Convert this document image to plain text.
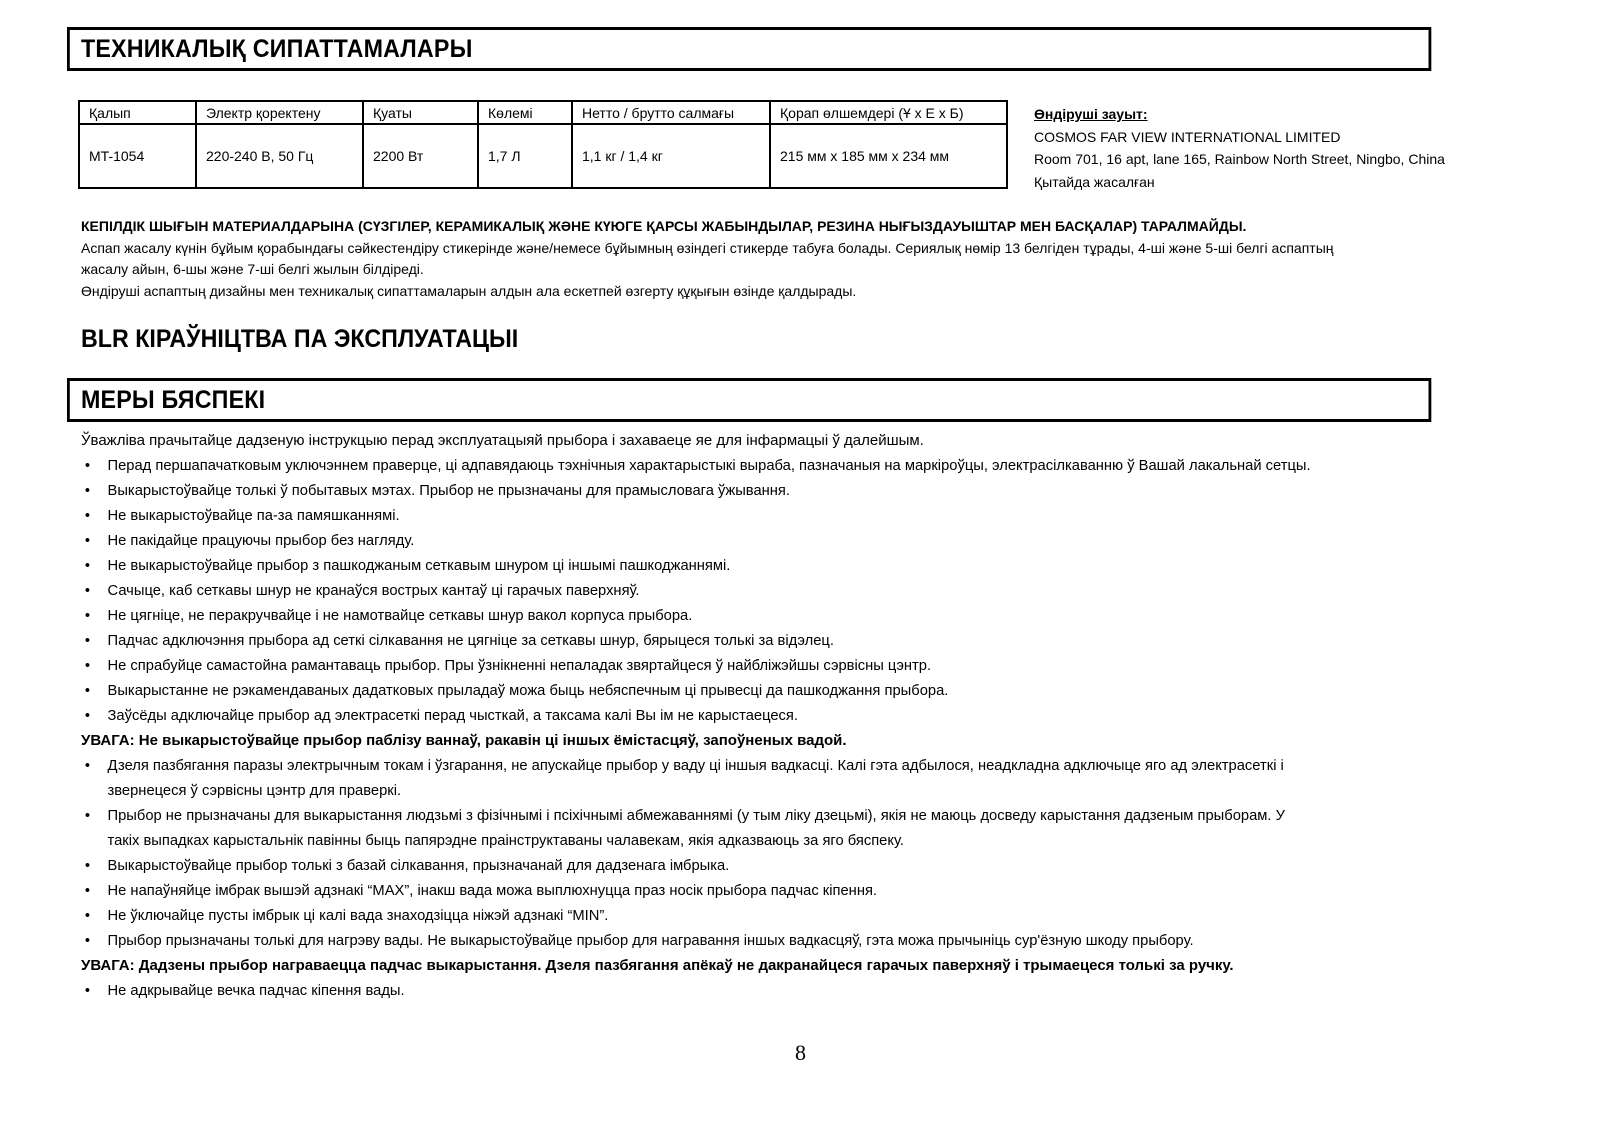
ТЕХНИКАЛЫҚ СИПАТТАМАЛАРЫ
Қалып	Электр қоректену	Қуаты	Көлемі	Нетто / брутто салмағы	Қорап өлшемдері (Ұ х Е х Б)
MT-1054	220-240 В, 50 Гц	2200 Вт	1,7 Л	1,1 кг / 1,4 кг	215 мм х 185 мм х 234 мм
Өндіруші зауыт:
COSMOS FAR VIEW INTERNATIONAL LIMITED
Room 701, 16 apt, lane 165, Rainbow North Street, Ningbo, China
Қытайда жасалған
КЕПІЛДІК ШЫҒЫН МАТЕРИАЛДАРЫНА (СҮЗГІЛЕР, КЕРАМИКАЛЫҚ ЖӘНЕ КҮЮГЕ ҚАРСЫ ЖАБЫНДЫЛАР, РЕЗИНА НЫҒЫЗДАУЫШТАР МЕН БАСҚАЛАР) ТАРАЛМАЙДЫ.
Аспап жасалу күнін бұйым қорабындағы сәйкестендіру стикерінде және/немесе бұйымның өзіндегі стикерде табуға болады. Сериялық нөмір 13 белгіден тұрады, 4-ші және 5-ші белгі аспаптың
жасалу айын, 6-шы және 7-ші белгі жылын білдіреді.
Өндіруші аспаптың дизайны мен техникалық сипаттамаларын алдын ала ескетпей өзгерту құқығын өзінде қалдырады.
BLR КІРАЎНІЦТВА ПА ЭКСПЛУАТАЦЫІ
МЕРЫ БЯСПЕКІ
Ўважліва прачытайце дадзеную інструкцыю перад эксплуатацыяй прыбора і захаваеце яе для інфармацыі ў далейшым.
• Перад першапачатковым уключэннем праверце, ці адпавядаюць тэхнічныя характарыстыкі выраба, пазначаныя на маркіроўцы, электрасілкаванню ў Вашай лакальнай сетцы.
• Выкарыстоўвайце толькі ў побытавых мэтах. Прыбор не прызначаны для прамысловага ўжывання.
• Не выкарыстоўвайце па-за памяшканнямі.
• Не пакідайце працуючы прыбор без нагляду.
• Не выкарыстоўвайце прыбор з пашкоджаным сеткавым шнуром ці іншымі пашкоджаннямі.
• Сачыце, каб сеткавы шнур не кранаўся вострых кантаў ці гарачых паверхняў.
• Не цягніце, не перакручвайце і не намотвайце сеткавы шнур вакол корпуса прыбора.
• Падчас адключэння прыбора ад сеткі сілкавання не цягніце за сеткавы шнур, бярыцеся толькі за відэлец.
• Не спрабуйце самастойна рамантаваць прыбор. Пры ўзнікненні непаладак звяртайцеся ў найбліжэйшы сэрвісны цэнтр.
• Выкарыстанне не рэкамендаваных дадатковых прыладаў можа быць небяспечным ці прывесці да пашкоджання прыбора.
• Заўсёды адключайце прыбор ад электрасеткі перад чысткай, а таксама калі Вы ім не карыстаецеся.
УВАГА: Не выкарыстоўвайце прыбор паблізу ваннаў, ракавін ці іншых ёмістасцяў, запоўненых вадой.
• Дзеля пазбягання паразы электрычным токам і ўзгарання, не апускайце прыбор у ваду ці іншыя вадкасці. Калі гэта адбылося, неадкладна адключыце яго ад электрасеткі і
звернецеся ў сэрвісны цэнтр для праверкі.
• Прыбор не прызначаны для выкарыстання людзьмі з фізічнымі і псіхічнымі абмежаваннямі (у тым ліку дзецьмі), якія не маюць досведу карыстання дадзеным прыборам. У
такіх выпадках карыстальнік павінны быць папярэдне праінструктаваны чалавекам, якія адказваюць за яго бяспеку.
• Выкарыстоўвайце прыбор толькі з базай сілкавання, прызначанай для дадзенага імбрыка.
• Не напаўняйце імбрак вышэй адзнакі “MAX”, інакш вада можа выплюхнуцца праз носік прыбора падчас кіпення.
• Не ўключайце пусты імбрык ці калі вада знаходзіцца ніжэй адзнакі “MIN”.
• Прыбор прызначаны толькі для нагрэву вады. Не выкарыстоўвайце прыбор для награвання іншых вадкасцяў, гэта можа прычыніць сур'ёзную шкоду прыбору.
УВАГА: Дадзены прыбор награваецца падчас выкарыстання. Дзеля пазбягання апёкаў не дакранайцеся гарачых паверхняў і трымаецеся толькі за ручку.
• Не адкрывайце вечка падчас кіпення вады.
8
